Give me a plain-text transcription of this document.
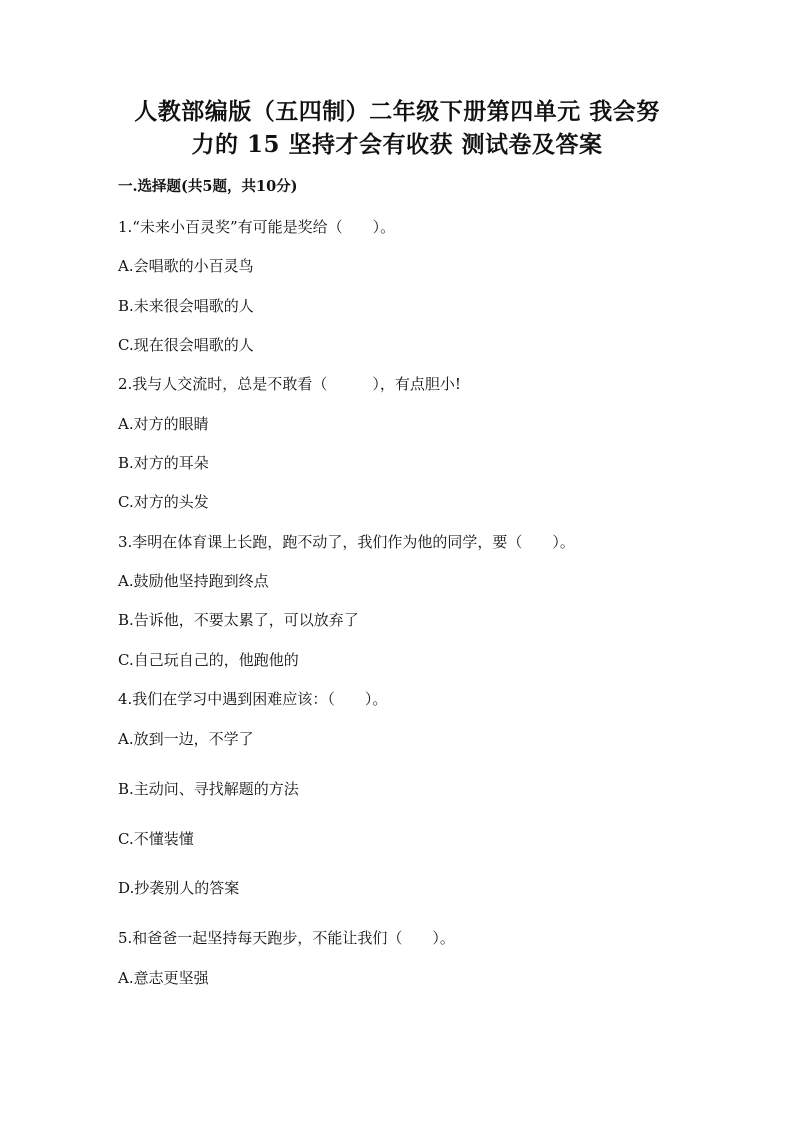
人教部编版（五四制）二年级下册第四单元 我会努
力的 15 坚持才会有收获 测试卷及答案
一.选择题(共5题，共10分)
1.“未来小百灵奖”有可能是奖给（　　）。
A.会唱歌的小百灵鸟
B.未来很会唱歌的人
C.现在很会唱歌的人
2.我与人交流时，总是不敢看（　　　），有点胆小!
A.对方的眼睛
B.对方的耳朵
C.对方的头发
3.李明在体育课上长跑，跑不动了，我们作为他的同学，要（　　）。
A.鼓励他坚持跑到终点
B.告诉他，不要太累了，可以放弃了
C.自己玩自己的，他跑他的
4.我们在学习中遇到困难应该：（　　）。
A.放到一边，不学了
B.主动问、寻找解题的方法
C.不懂装懂
D.抄袭别人的答案
5.和爸爸一起坚持每天跑步，不能让我们（　　）。
A.意志更坚强
